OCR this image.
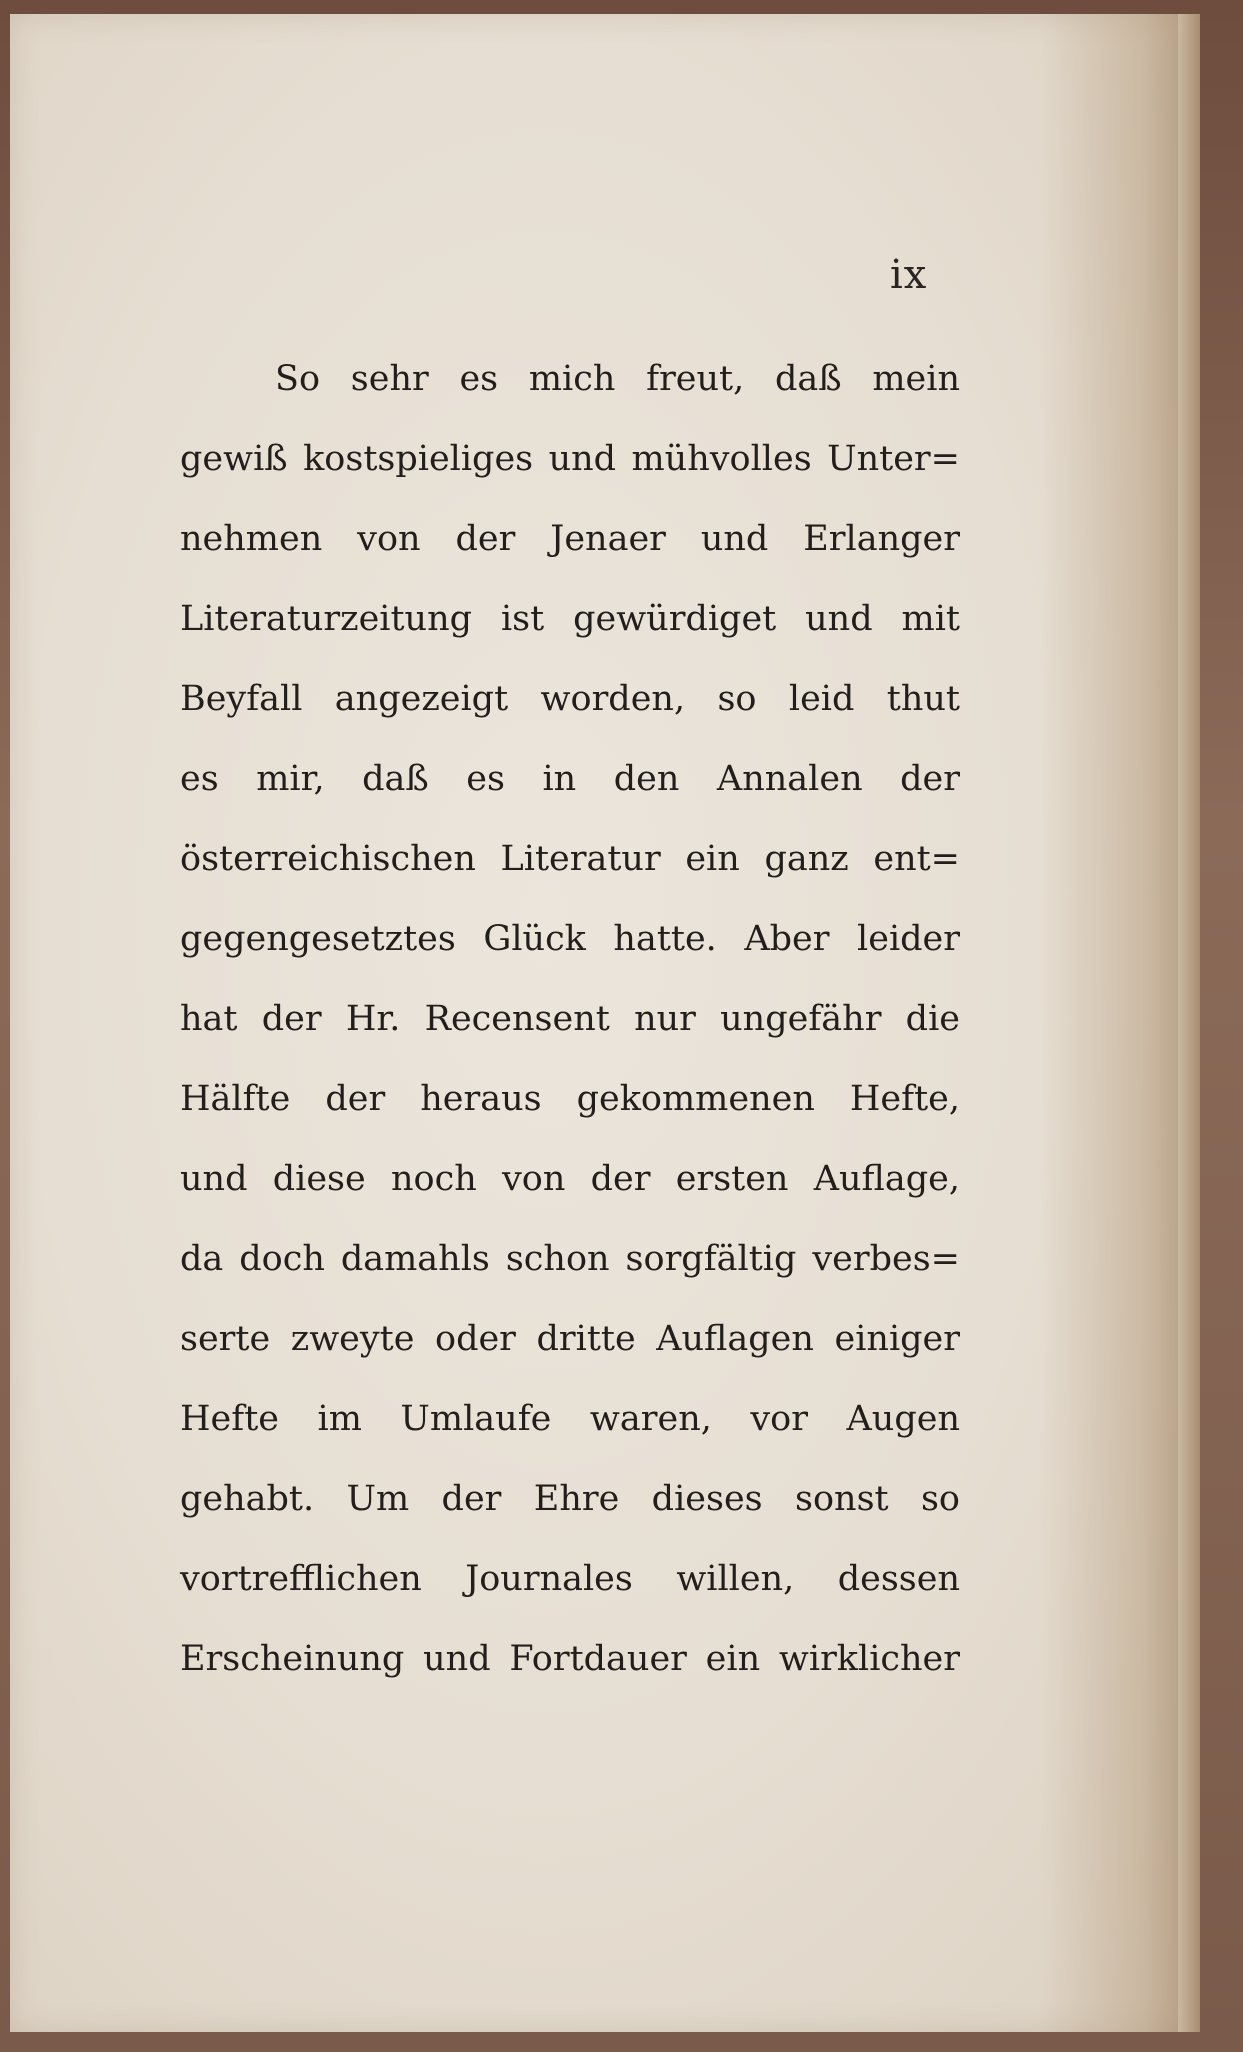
ix
So sehr es mich freut, daß mein
gewiß kostspieliges und mühvolles Unter=
nehmen von der Jenaer und Erlanger
Literaturzeitung ist gewürdiget und mit
Beyfall angezeigt worden, so leid thut
es mir, daß es in den Annalen der
österreichischen Literatur ein ganz ent=
gegengesetztes Glück hatte. Aber leider
hat der Hr. Recensent nur ungefähr die
Hälfte der heraus gekommenen Hefte,
und diese noch von der ersten Auflage,
da doch damahls schon sorgfältig verbes=
serte zweyte oder dritte Auflagen einiger
Hefte im Umlaufe waren, vor Augen
gehabt. Um der Ehre dieses sonst so
vortrefflichen Journales willen, dessen
Erscheinung und Fortdauer ein wirklicher
